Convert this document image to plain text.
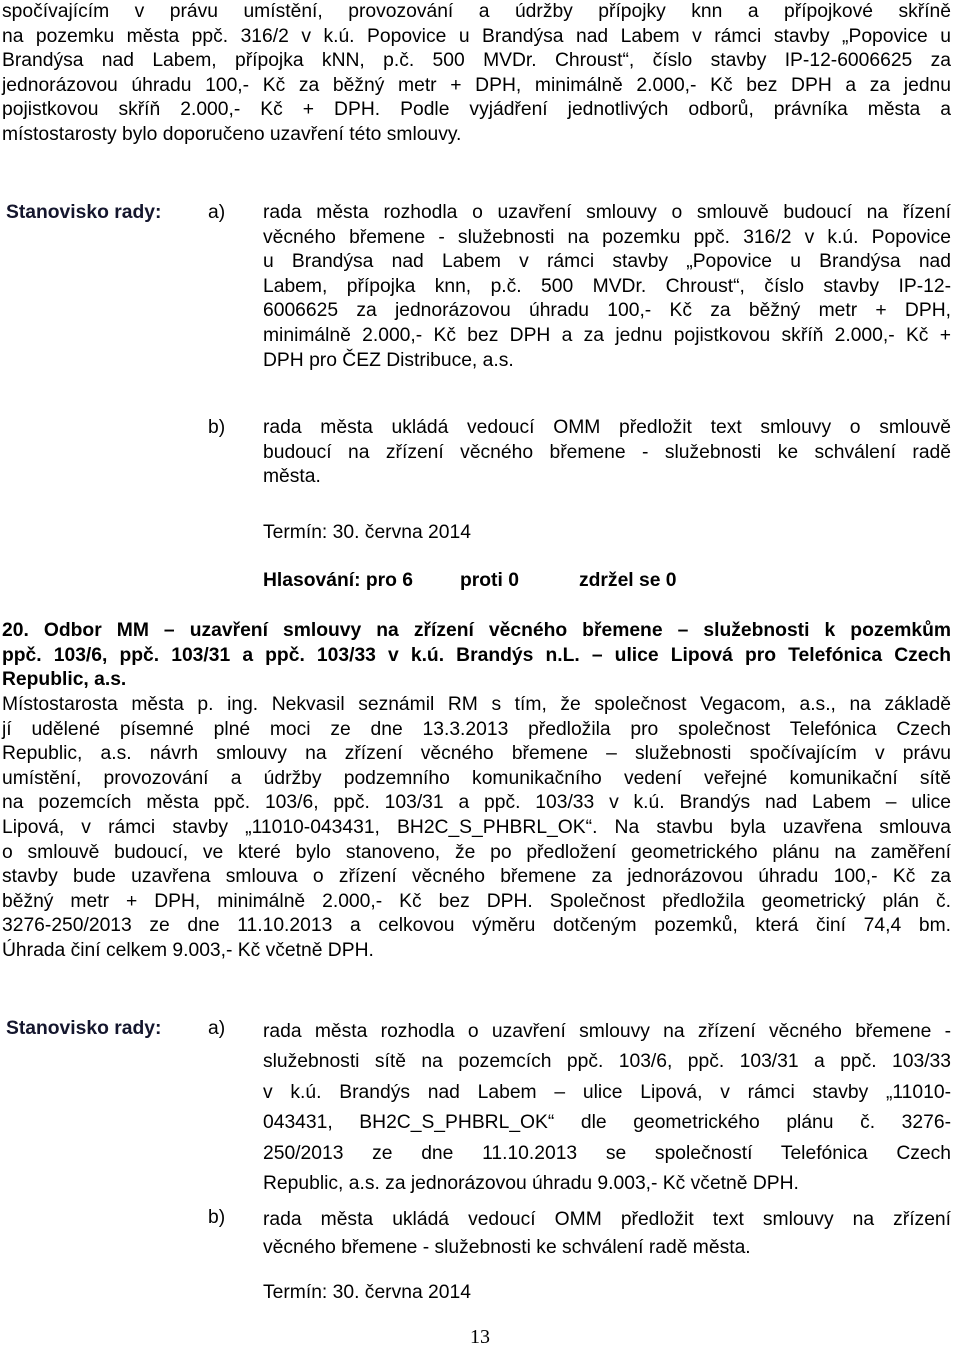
spočívajícím v právu umístění, provozování a údržby přípojky knn a přípojkové skříně
na pozemku města ppč. 316/2 v k.ú. Popovice u Brandýsa nad Labem v rámci stavby „Popovice u
Brandýsa nad Labem, přípojka kNN, p.č. 500 MVDr. Chroust“, číslo stavby IP-12-6006625 za
jednorázovou úhradu 100,- Kč za běžný metr + DPH, minimálně 2.000,- Kč bez DPH a za jednu
pojistkovou skříň 2.000,- Kč + DPH. Podle vyjádření jednotlivých odborů, právníka města a
místostarosty bylo doporučeno uzavření této smlouvy.
Stanovisko rady: a) rada města rozhodla o uzavření smlouvy o smlouvě budoucí na řízení
věcného břemene - služebnosti na pozemku ppč. 316/2 v k.ú. Popovice
u Brandýsa nad Labem v rámci stavby „Popovice u Brandýsa nad
Labem, přípojka knn, p.č. 500 MVDr. Chroust“, číslo stavby IP-12-
6006625 za jednorázovou úhradu 100,- Kč za běžný metr + DPH,
minimálně 2.000,- Kč bez DPH a za jednu pojistkovou skříň 2.000,- Kč +
DPH pro ČEZ Distribuce, a.s.
b) rada města ukládá vedoucí OMM předložit text smlouvy o smlouvě
budoucí na zřízení věcného břemene - služebnosti ke schválení radě
města.
Termín: 30. června 2014
Hlasování: pro 6 proti 0	zdržel se 0
20. Odbor MM – uzavření smlouvy na zřízení věcného břemene – služebnosti k pozemkům
ppč. 103/6, ppč. 103/31 a ppč. 103/33 v k.ú. Brandýs n.L. – ulice Lipová pro Telefónica Czech
Republic, a.s.
Místostarosta města p. ing. Nekvasil seznámil RM s tím, že společnost Vegacom, a.s., na základě
jí udělené písemné plné moci ze dne 13.3.2013 předložila pro společnost Telefónica Czech
Republic, a.s. návrh smlouvy na zřízení věcného břemene – služebnosti spočívajícím v právu
umístění, provozování a údržby podzemního komunikačního vedení veřejné komunikační sítě
na pozemcích města ppč. 103/6, ppč. 103/31 a ppč. 103/33 v k.ú. Brandýs nad Labem – ulice
Lipová, v rámci stavby „11010-043431, BH2C_S_PHBRL_OK“. Na stavbu byla uzavřena smlouva
o smlouvě budoucí, ve které bylo stanoveno, že po předložení geometrického plánu na zaměření
stavby bude uzavřena smlouva o zřízení věcného břemene za jednorázovou úhradu 100,- Kč za
běžný metr + DPH, minimálně 2.000,- Kč bez DPH. Společnost předložila geometrický plán č.
3276-250/2013 ze dne 11.10.2013 a celkovou výměru dotčeným pozemků, která činí 74,4 bm.
Úhrada činí celkem 9.003,- Kč včetně DPH.
Stanovisko rady: a) rada města rozhodla o uzavření smlouvy na zřízení věcného břemene -
služebnosti sítě na pozemcích ppč. 103/6, ppč. 103/31 a ppč. 103/33
v k.ú. Brandýs nad Labem – ulice Lipová, v rámci stavby „11010-
043431, BH2C_S_PHBRL_OK“ dle geometrického plánu č. 3276-
250/2013 ze dne 11.10.2013 se společností Telefónica Czech
Republic, a.s. za jednorázovou úhradu 9.003,- Kč včetně DPH.
b) rada města ukládá vedoucí OMM předložit text smlouvy na zřízení
věcného břemene - služebnosti ke schválení radě města.
Termín: 30. června 2014
13
